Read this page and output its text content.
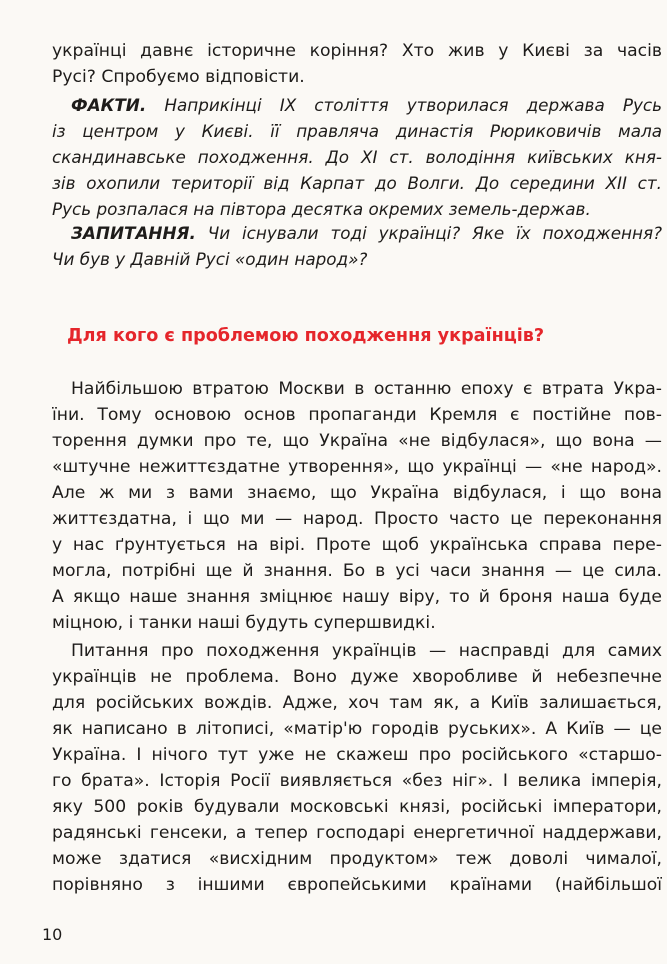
українці давнє історичне коріння? Хто жив у Києві за часів
Русі? Спробуємо відповісти.
ФАКТИ. Наприкінці IX століття утворилася держава Русь
із центром у Києві. її правляча династія Рюриковичів мала
скандинавське походження. До XI ст. володіння київських кня-
зів охопили території від Карпат до Волги. До середини XII ст.
Русь розпалася на півтора десятка окремих земель-держав.
ЗАПИТАННЯ. Чи існували тоді українці? Яке їх походження?
Чи був у Давній Русі «один народ»?
Для кого є проблемою походження українців?
Найбільшою втратою Москви в останню епоху є втрата Укра-
їни. Тому основою основ пропаганди Кремля є постійне пов-
торення думки про те, що Україна «не відбулася», що вона —
«штучне нежиттєздатне утворення», що українці — «не народ».
Але ж ми з вами знаємо, що Україна відбулася, і що вона
життєздатна, і що ми — народ. Просто часто це переконання
у нас ґрунтується на вірі. Проте щоб українська справа пере-
могла, потрібні ще й знання. Бо в усі часи знання — це сила.
А якщо наше знання зміцнює нашу віру, то й броня наша буде
міцною, і танки наші будуть супершвидкі.
Питання про походження українців — насправді для самих
українців не проблема. Воно дуже хворобливе й небезпечне
для російських вождів. Адже, хоч там як, а Київ залишається,
як написано в літописі, «матір'ю городів руських». А Київ — це
Україна. І нічого тут уже не скажеш про російського «старшо-
го брата». Історія Росії виявляється «без ніг». І велика імперія,
яку 500 років будували московські князі, російські імператори,
радянські генсеки, а тепер господарі енергетичної наддержави,
може здатися «висхідним продуктом» теж доволі чималої,
порівняно з іншими європейськими країнами (найбільшої
10
